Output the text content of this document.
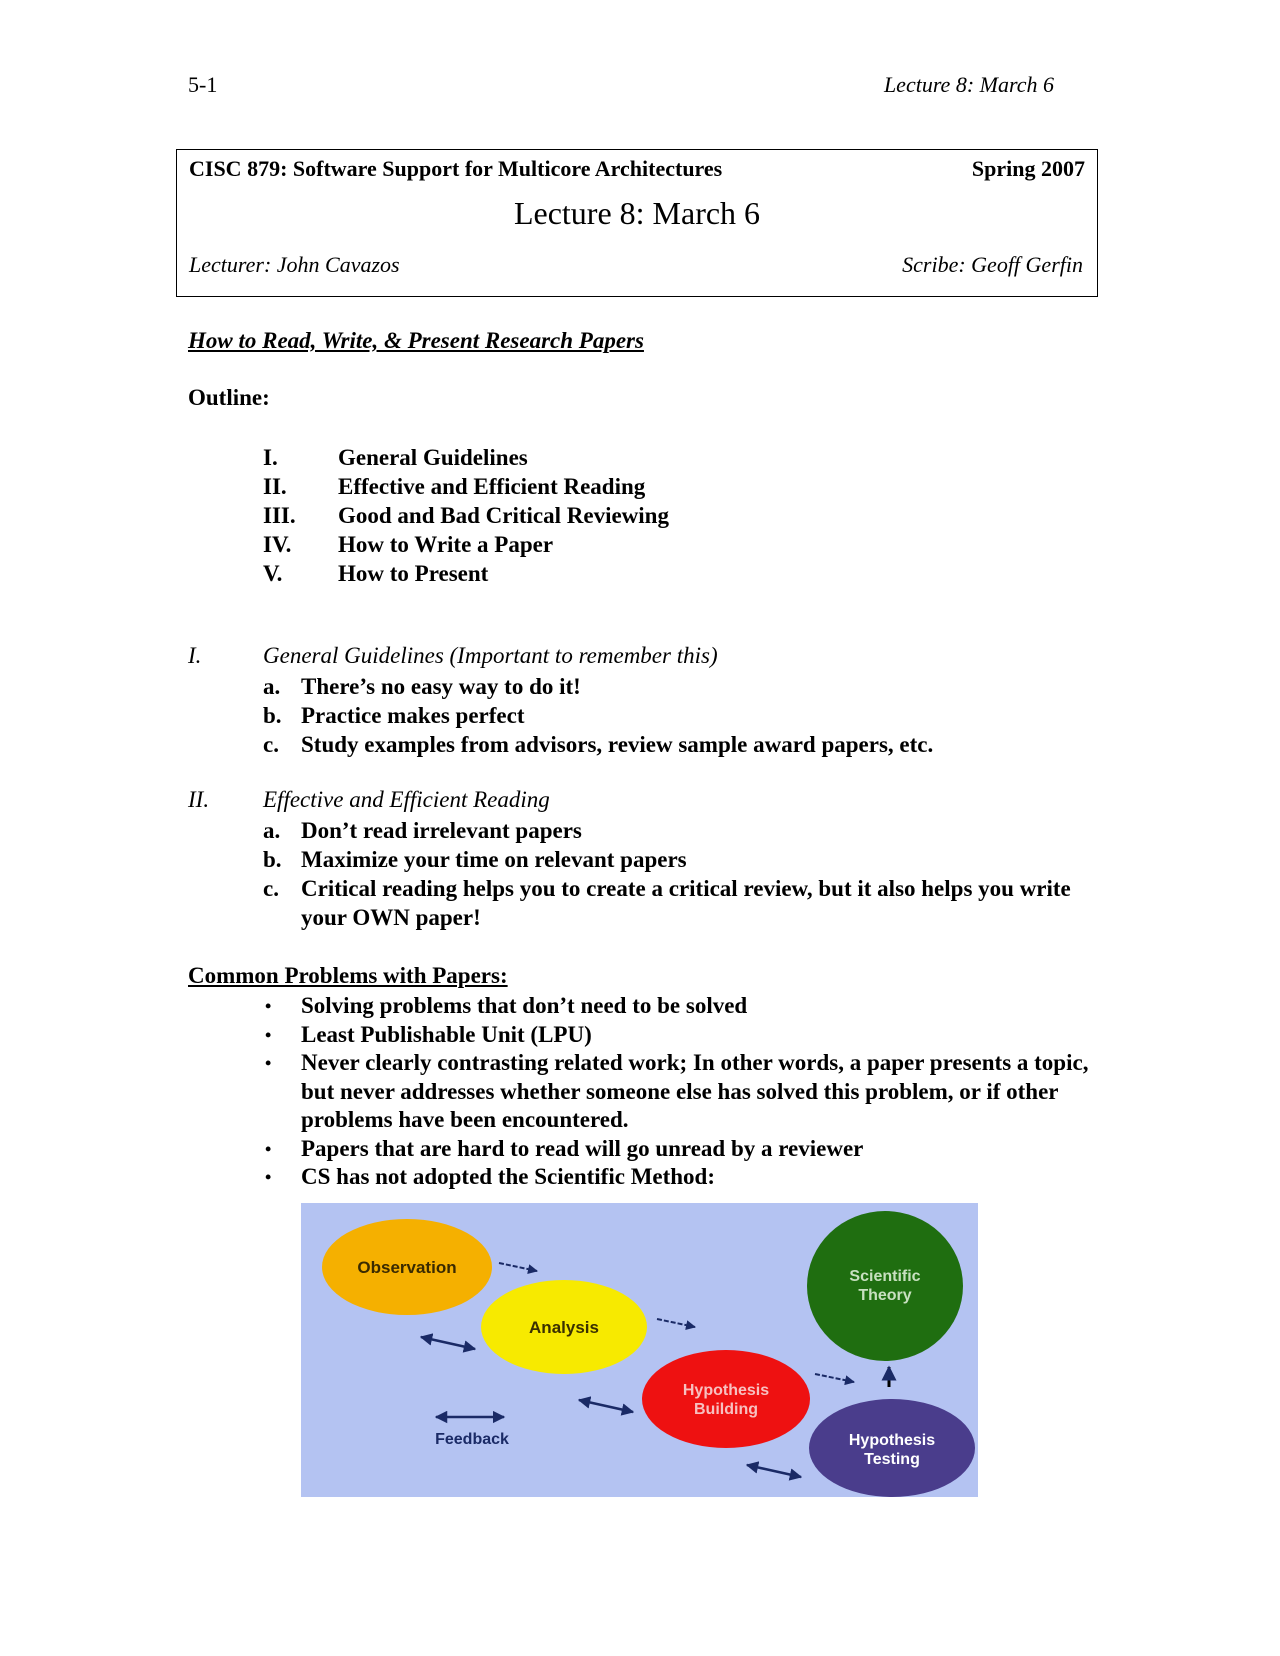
5-1	Lecture 8: March 6
CISC 879: Software Support for Multicore Architectures	Spring 2007
Lecture 8: March 6
Lecturer: John Cavazos	Scribe: Geoff Gerfin
How to Read, Write, & Present Research Papers
Outline:
I.	General Guidelines
II. Effective and Efficient Reading
III. Good and Bad Critical Reviewing
IV. How to Write a Paper
V. How to Present
I.	General Guidelines (Important to remember this)
a. There’s no easy way to do it!
b. Practice makes perfect
c. Study examples from advisors, review sample award papers, etc.
II. Effective and Efficient Reading
a. Don’t read irrelevant papers
b. Maximize your time on relevant papers
c. Critical reading helps you to create a critical review, but it also helps you write your OWN paper!
Common Problems with Papers:
• Solving problems that don’t need to be solved
• Least Publishable Unit (LPU)
• Never clearly contrasting related work; In other words, a paper presents a topic, but never addresses whether someone else has solved this problem, or if other problems have been encountered.
• Papers that are hard to read will go unread by a reviewer
• CS has not adopted the Scientific Method:
Observation
Analysis
Hypothesis
Building
Scientific
Theory
Hypothesis
Testing
Feedback
